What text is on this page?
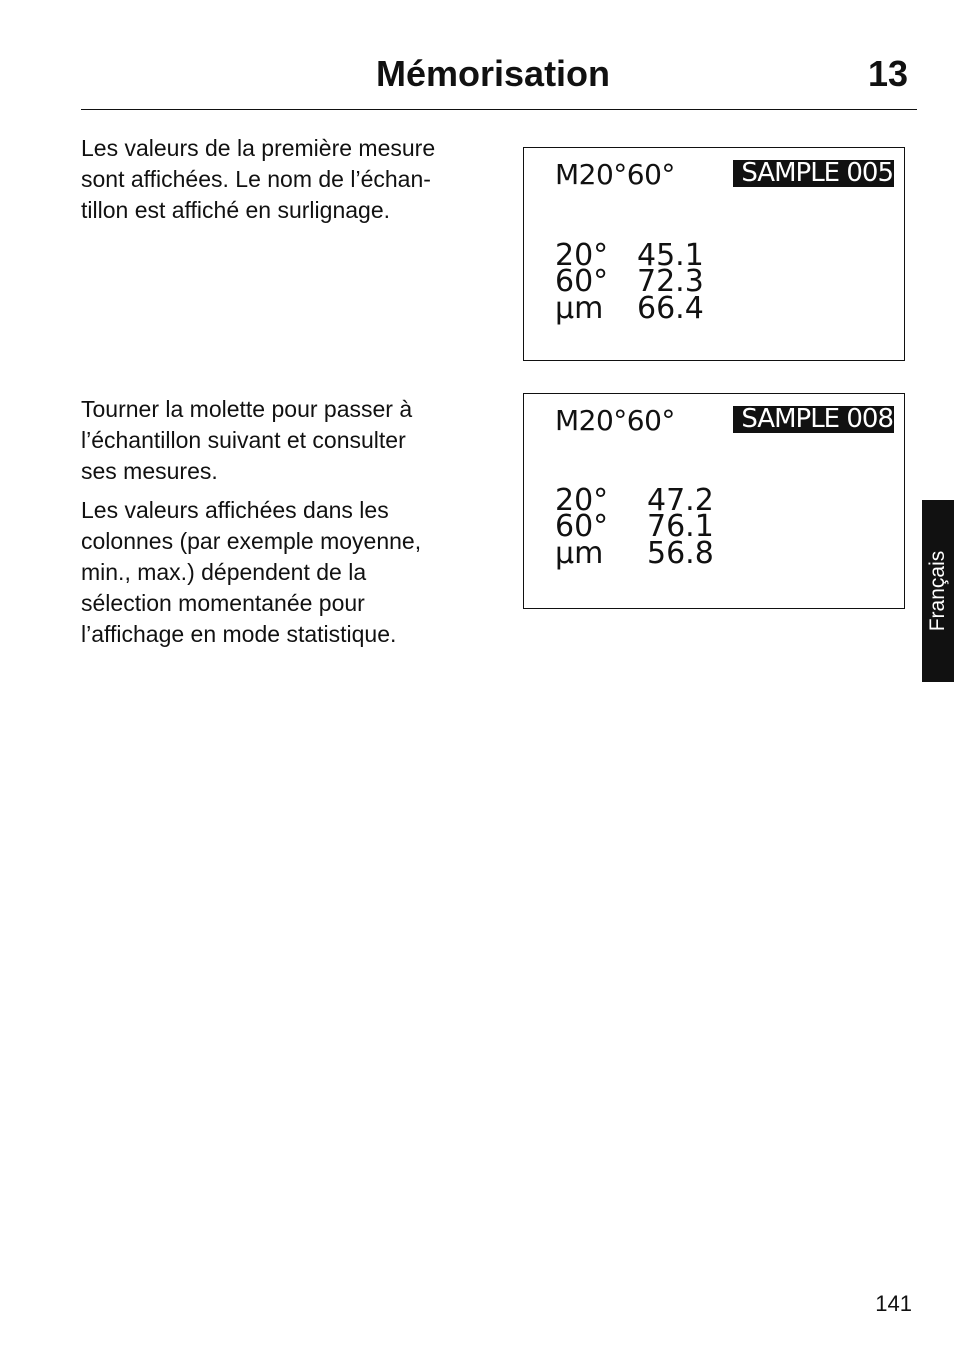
Mémorisation	13

Les valeurs de la première mesure
sont affichées. Le nom de l’échan-
tillon est affiché en surlignage.

Tourner la molette pour passer à
l’échantillon suivant et consulter
ses mesures.

Les valeurs affichées dans les
colonnes (par exemple moyenne,
min., max.) dépendent de la
sélection momentanée pour
l’affichage en mode statistique.

M20°60°	SAMPLE 005
20° 45.1
60° 72.3
µm 66.4
M20°60°	SAMPLE 008
20° 47.2
60° 76.1
µm 56.8	Français
141
